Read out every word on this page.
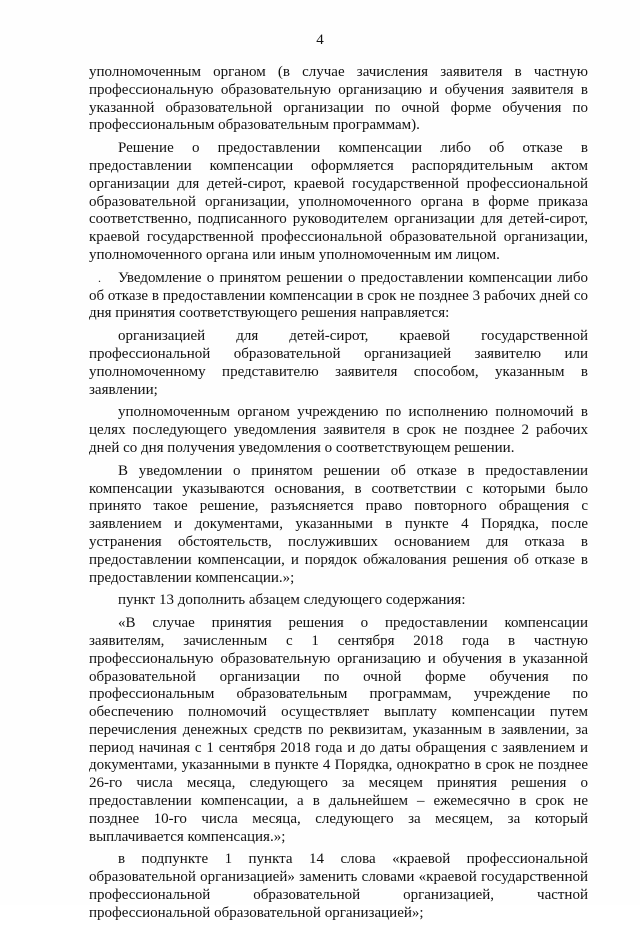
4

уполномоченным органом (в случае зачисления заявителя в частную профессиональную образовательную организацию и обучения заявителя в указанной образовательной организации по очной форме обучения по профессиональным образовательным программам).

Решение о предоставлении компенсации либо об отказе в предоставлении компенсации оформляется распорядительным актом организации для детей-сирот, краевой государственной профессиональной образовательной организации, уполномоченного органа в форме приказа соответственно, подписанного руководителем организации для детей-сирот, краевой государственной профессиональной образовательной организации, уполномоченного органа или иным уполномоченным им лицом.

. Уведомление о принятом решении о предоставлении компенсации либо об отказе в предоставлении компенсации в срок не позднее 3 рабочих дней со дня принятия соответствующего решения направляется:

организацией для детей-сирот, краевой государственной профессиональной образовательной организацией заявителю или уполномоченному представителю заявителя способом, указанным в заявлении;

уполномоченным органом учреждению по исполнению полномочий в целях последующего уведомления заявителя в срок не позднее 2 рабочих дней со дня получения уведомления о соответствующем решении.

В уведомлении о принятом решении об отказе в предоставлении компенсации указываются основания, в соответствии с которыми было принято такое решение, разъясняется право повторного обращения с заявлением и документами, указанными в пункте 4 Порядка, после устранения обстоятельств, послуживших основанием для отказа в предоставлении компенсации, и порядок обжалования решения об отказе в предоставлении компенсации.»;

пункт 13 дополнить абзацем следующего содержания:

«В случае принятия решения о предоставлении компенсации заявителям, зачисленным с 1 сентября 2018 года в частную профессиональную образовательную организацию и обучения в указанной образовательной организации по очной форме обучения по профессиональным образовательным программам, учреждение по обеспечению полномочий осуществляет выплату компенсации путем перечисления денежных средств по реквизитам, указанным в заявлении, за период начиная с 1 сентября 2018 года и до даты обращения с заявлением и документами, указанными в пункте 4 Порядка, однократно в срок не позднее 26-го числа месяца, следующего за месяцем принятия решения о предоставлении компенсации, а в дальнейшем – ежемесячно в срок не позднее 10-го числа месяца, следующего за месяцем, за который выплачивается компенсация.»;

в подпункте 1 пункта 14 слова «краевой профессиональной образовательной организацией» заменить словами «краевой государственной профессиональной образовательной организацией, частной профессиональной образовательной организацией»;
